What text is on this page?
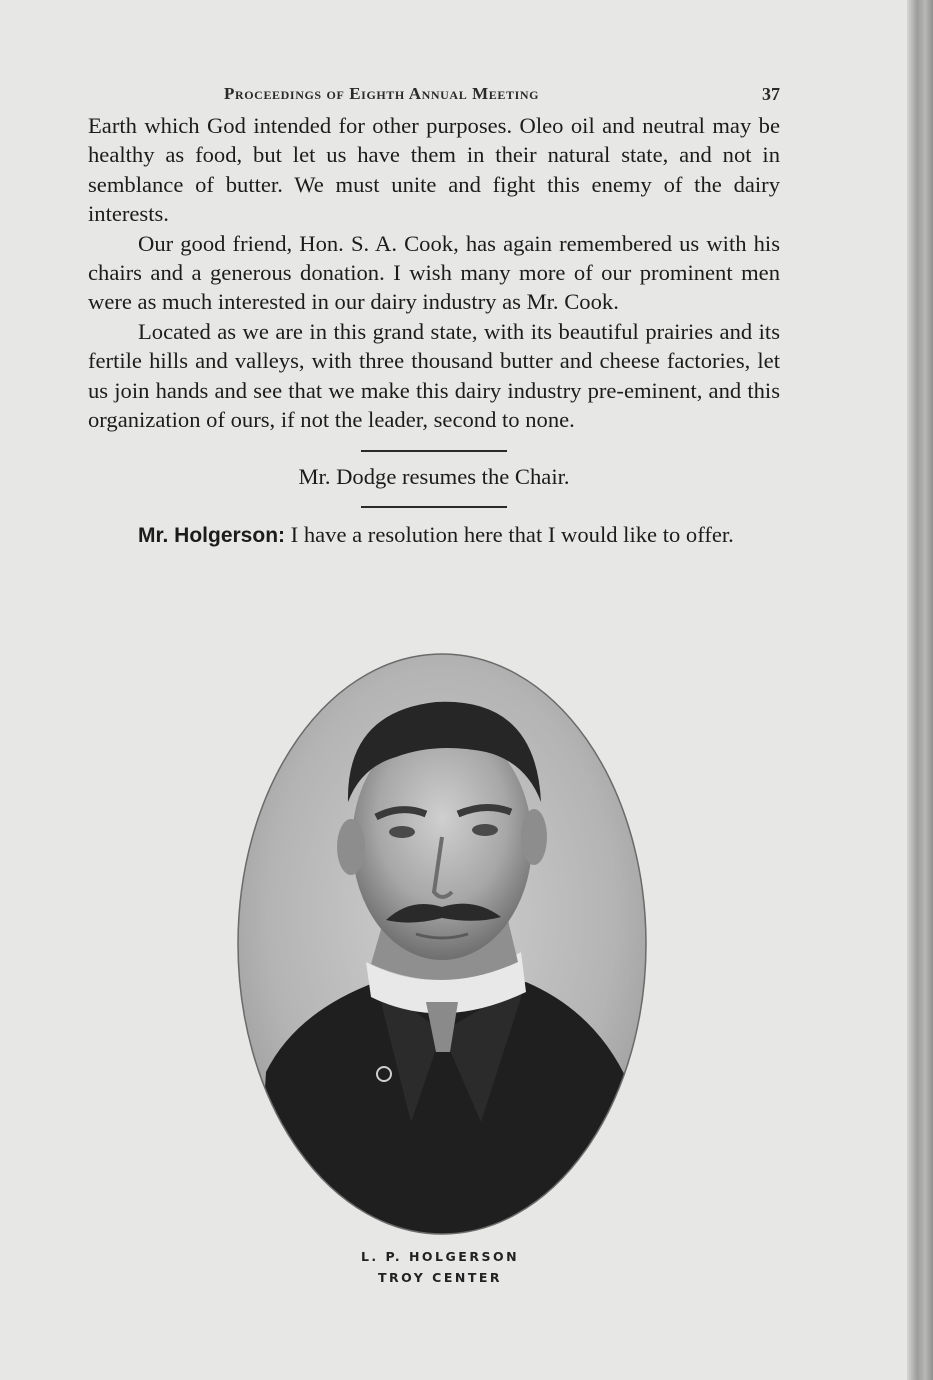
Proceedings of Eighth Annual Meeting	37

Earth which God intended for other purposes. Oleo oil and neutral may be healthy as food, but let us have them in their natural state, and not in semblance of butter. We must unite and fight this enemy of the dairy interests.

Our good friend, Hon. S. A. Cook, has again remembered us with his chairs and a generous donation. I wish many more of our prominent men were as much interested in our dairy industry as Mr. Cook.

Located as we are in this grand state, with its beautiful prairies and its fertile hills and valleys, with three thousand butter and cheese factories, let us join hands and see that we make this dairy industry pre-eminent, and this organization of ours, if not the leader, second to none.

Mr. Dodge resumes the Chair.

Mr. Holgerson: I have a resolution here that I would like to offer.

L. P. HOLGERSON
TROY CENTER
